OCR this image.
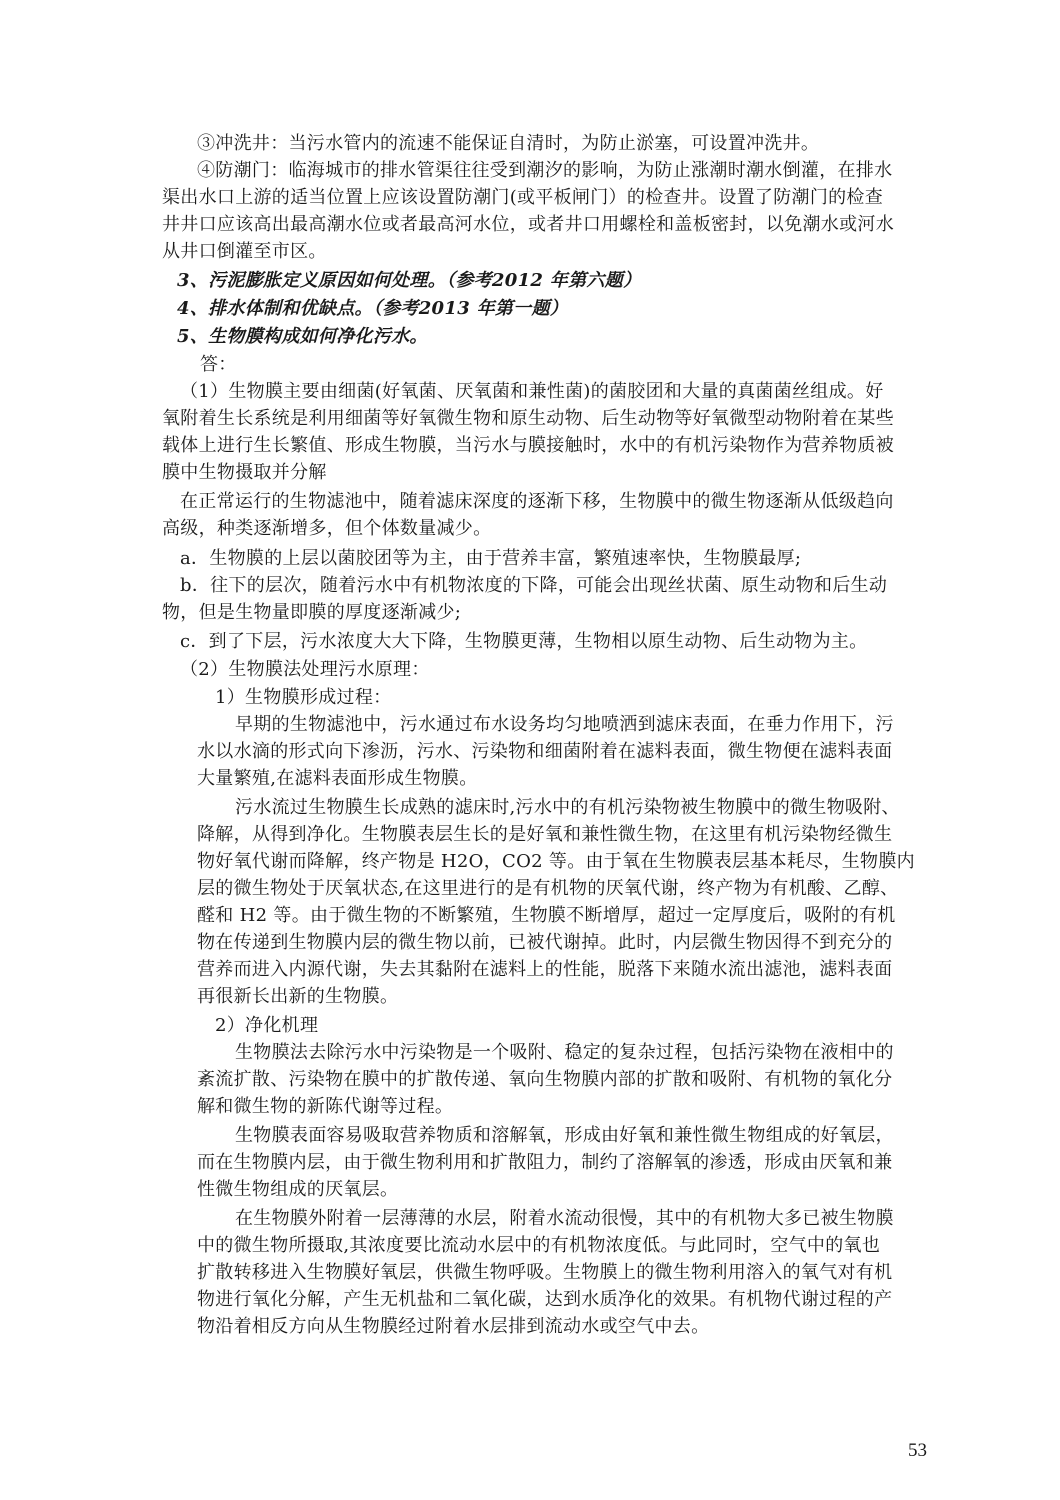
③冲洗井：当污水管内的流速不能保证自清时，为防止淤塞，可设置冲洗井。
④防潮门：临海城市的排水管渠往往受到潮汐的影响，为防止涨潮时潮水倒灌，在排水
渠出水口上游的适当位置上应该设置防潮门(或平板闸门）的检查井。设置了防潮门的检查
井井口应该高出最高潮水位或者最高河水位，或者井口用螺栓和盖板密封，以免潮水或河水
从井口倒灌至市区。
3、污泥膨胀定义原因如何处理。（参考2012 年第六题）
4、排水体制和优缺点。（参考2013 年第一题）
5、生物膜构成如何净化污水。
答：
（1）生物膜主要由细菌(好氧菌、厌氧菌和兼性菌)的菌胶团和大量的真菌菌丝组成。好
氧附着生长系统是利用细菌等好氧微生物和原生动物、后生动物等好氧微型动物附着在某些
载体上进行生长繁值、形成生物膜，当污水与膜接触时，水中的有机污染物作为营养物质被
膜中生物摄取并分解
在正常运行的生物滤池中，随着滤床深度的逐渐下移，生物膜中的微生物逐渐从低级趋向
高级，种类逐渐增多，但个体数量减少。
a．生物膜的上层以菌胶团等为主，由于营养丰富，繁殖速率快，生物膜最厚;
b．往下的层次，随着污水中有机物浓度的下降，可能会出现丝状菌、原生动物和后生动
物，但是生物量即膜的厚度逐渐减少;
c．到了下层，污水浓度大大下降，生物膜更薄，生物相以原生动物、后生动物为主。
（2）生物膜法处理污水原理：
1）生物膜形成过程：
早期的生物滤池中，污水通过布水设务均匀地喷洒到滤床表面，在垂力作用下，污
水以水滴的形式向下渗沥，污水、污染物和细菌附着在滤料表面，微生物便在滤料表面
大量繁殖,在滤料表面形成生物膜。
污水流过生物膜生长成熟的滤床时,污水中的有机污染物被生物膜中的微生物吸附、
降解，从得到净化。生物膜表层生长的是好氧和兼性微生物，在这里有机污染物经微生
物好氧代谢而降解，终产物是 H2O，CO2 等。由于氧在生物膜表层基本耗尽，生物膜内
层的微生物处于厌氧状态,在这里进行的是有机物的厌氧代谢，终产物为有机酸、乙醇、
醛和 H2 等。由于微生物的不断繁殖，生物膜不断增厚，超过一定厚度后，吸附的有机
物在传递到生物膜内层的微生物以前，已被代谢掉。此时，内层微生物因得不到充分的
营养而进入内源代谢，失去其黏附在滤料上的性能，脱落下来随水流出滤池，滤料表面
再很新长出新的生物膜。
2）净化机理
生物膜法去除污水中污染物是一个吸附、稳定的复杂过程，包括污染物在液相中的
紊流扩散、污染物在膜中的扩散传递、氧向生物膜内部的扩散和吸附、有机物的氧化分
解和微生物的新陈代谢等过程。
生物膜表面容易吸取营养物质和溶解氧，形成由好氧和兼性微生物组成的好氧层，
而在生物膜内层，由于微生物利用和扩散阻力，制约了溶解氧的渗透，形成由厌氧和兼
性微生物组成的厌氧层。
在生物膜外附着一层薄薄的水层，附着水流动很慢，其中的有机物大多已被生物膜
中的微生物所摄取,其浓度要比流动水层中的有机物浓度低。与此同时，空气中的氧也
扩散转移进入生物膜好氧层，供微生物呼吸。生物膜上的微生物利用溶入的氧气对有机
物进行氧化分解，产生无机盐和二氧化碳，达到水质净化的效果。有机物代谢过程的产
物沿着相反方向从生物膜经过附着水层排到流动水或空气中去。
53
